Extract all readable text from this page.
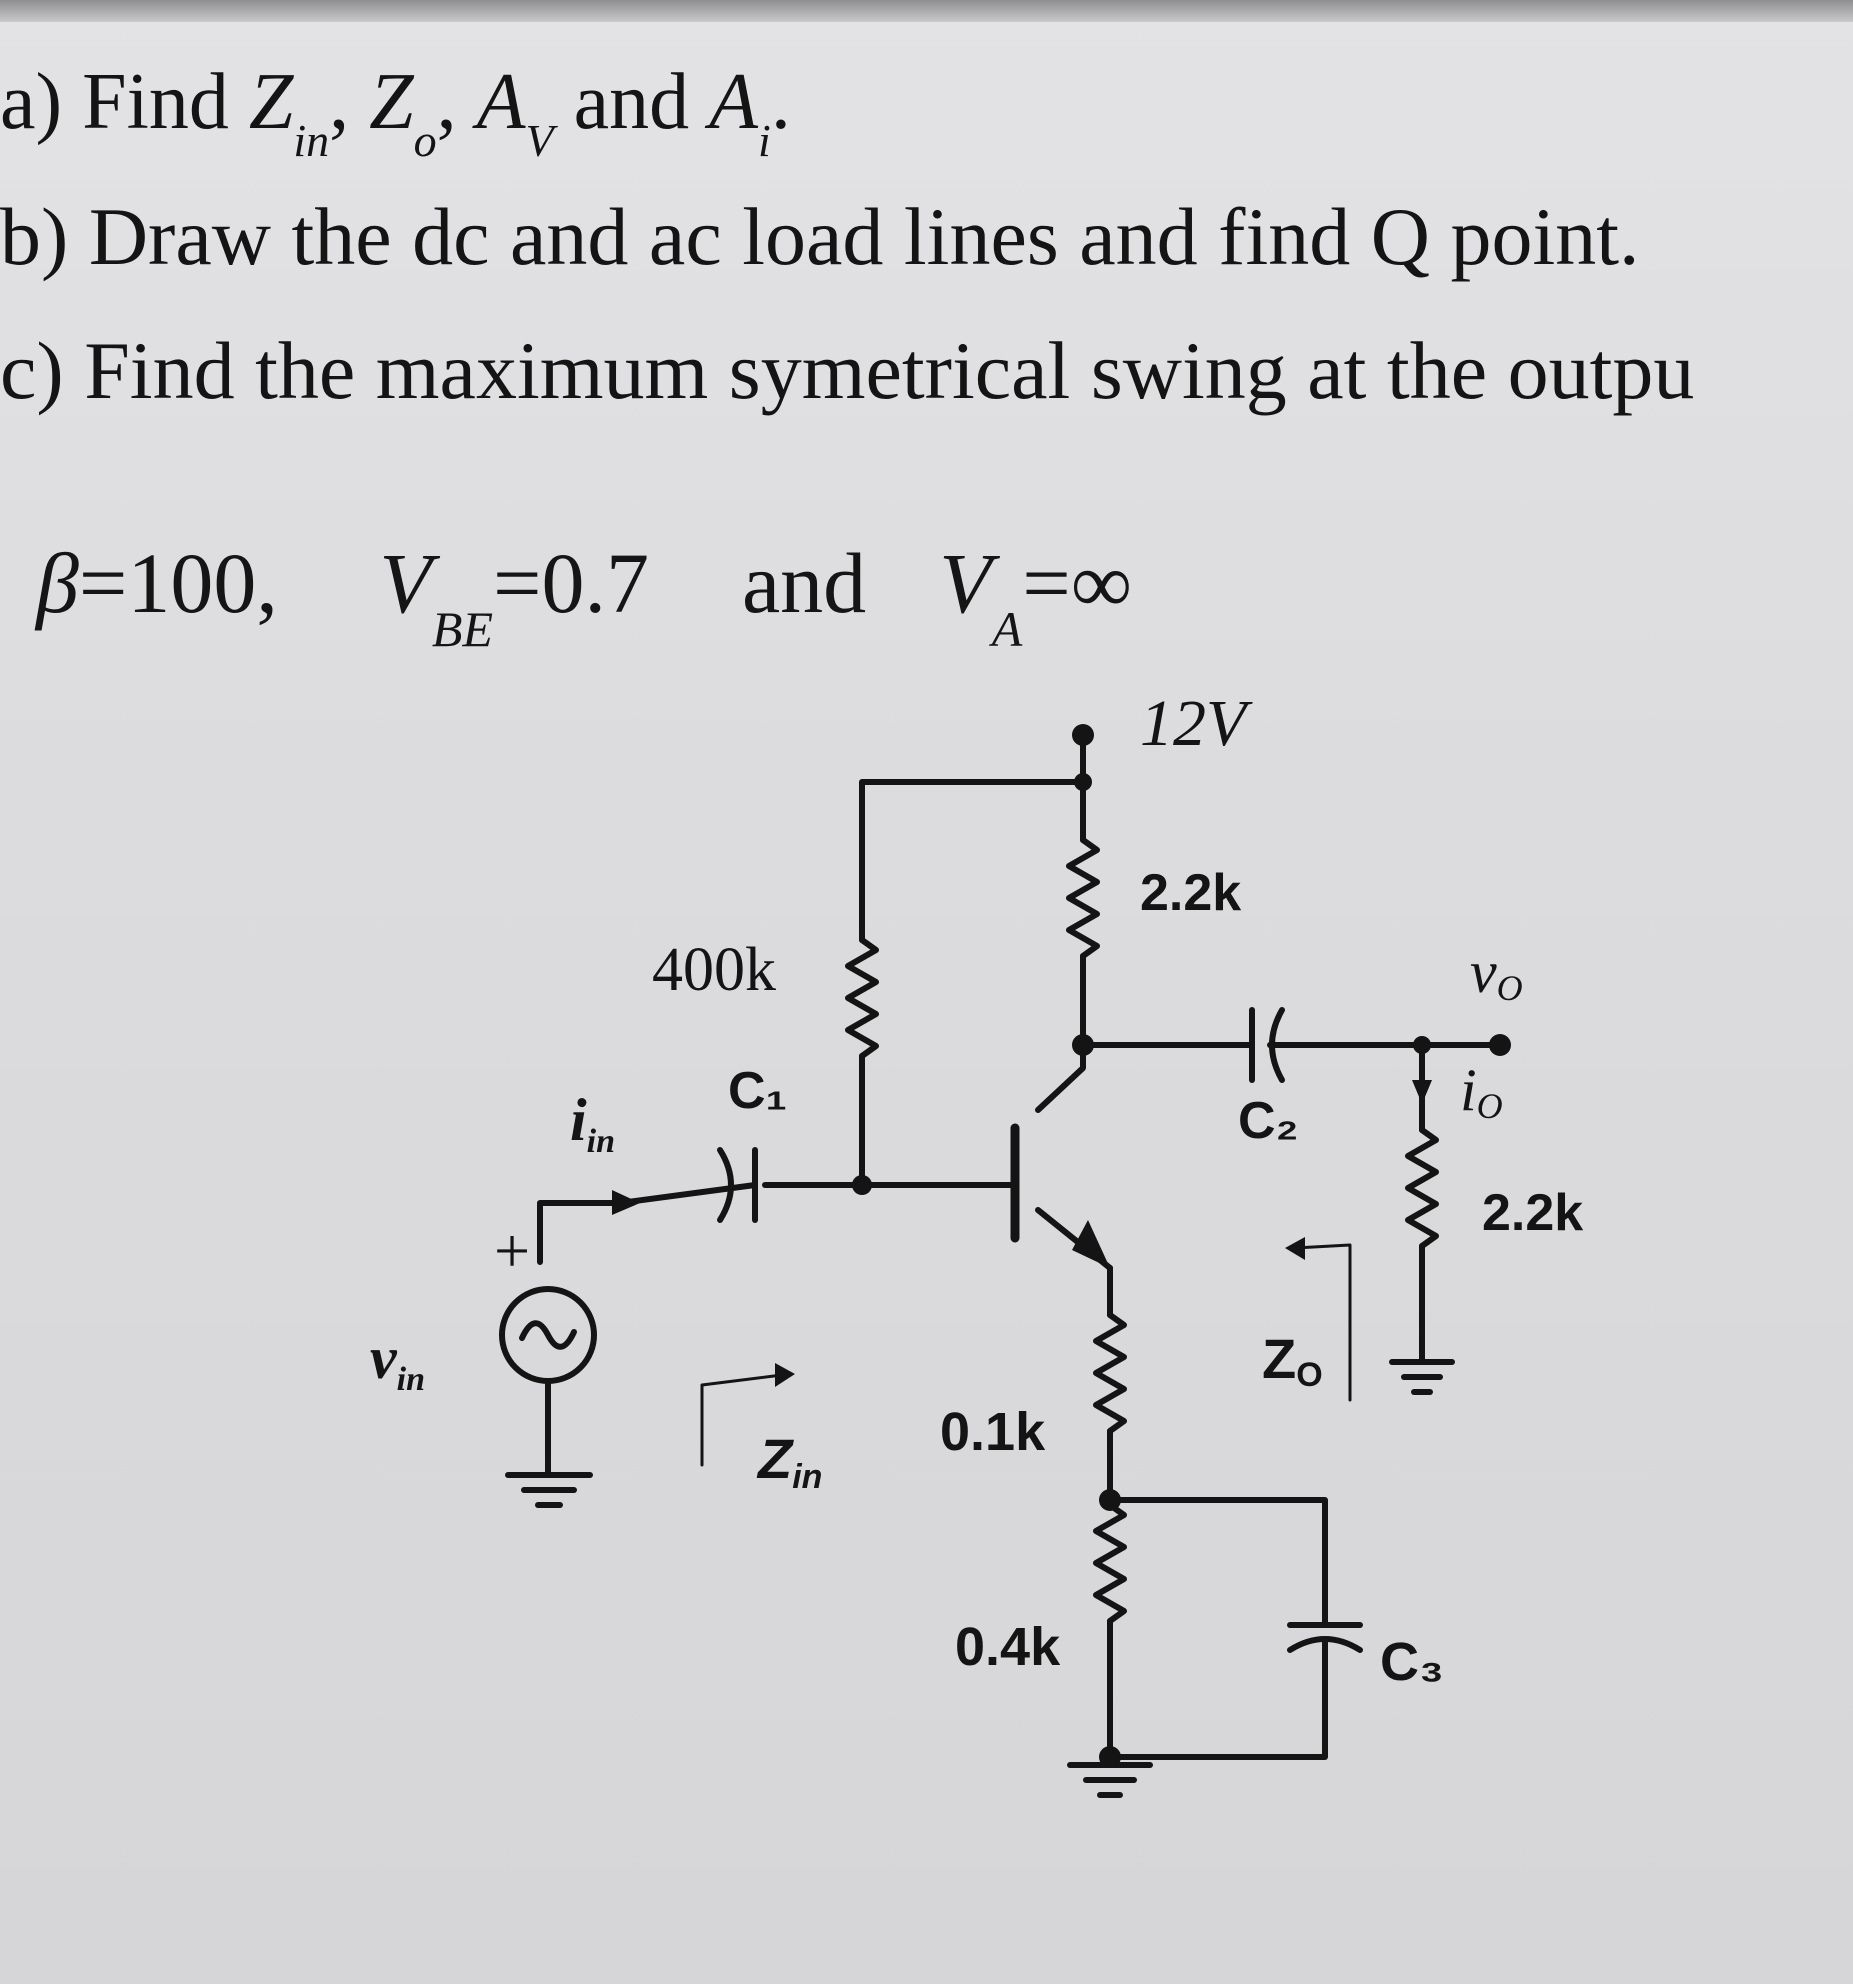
a) Find $Z_{in}$, $Z_o$, $A_V$ and $A_i$.
b) Draw the dc and ac load lines and find Q point.
c) Find the maximum symetrical swing at the outpu
β=100, $V_{BE}=0.7$ and $V_A=\infty$
12V
2.2k
400k
C₁
C₂
C₃
0.1k
0.4k
2.2k
+
$i_{in}$
$v_{in}$
Zin
vO
iO
ZO
